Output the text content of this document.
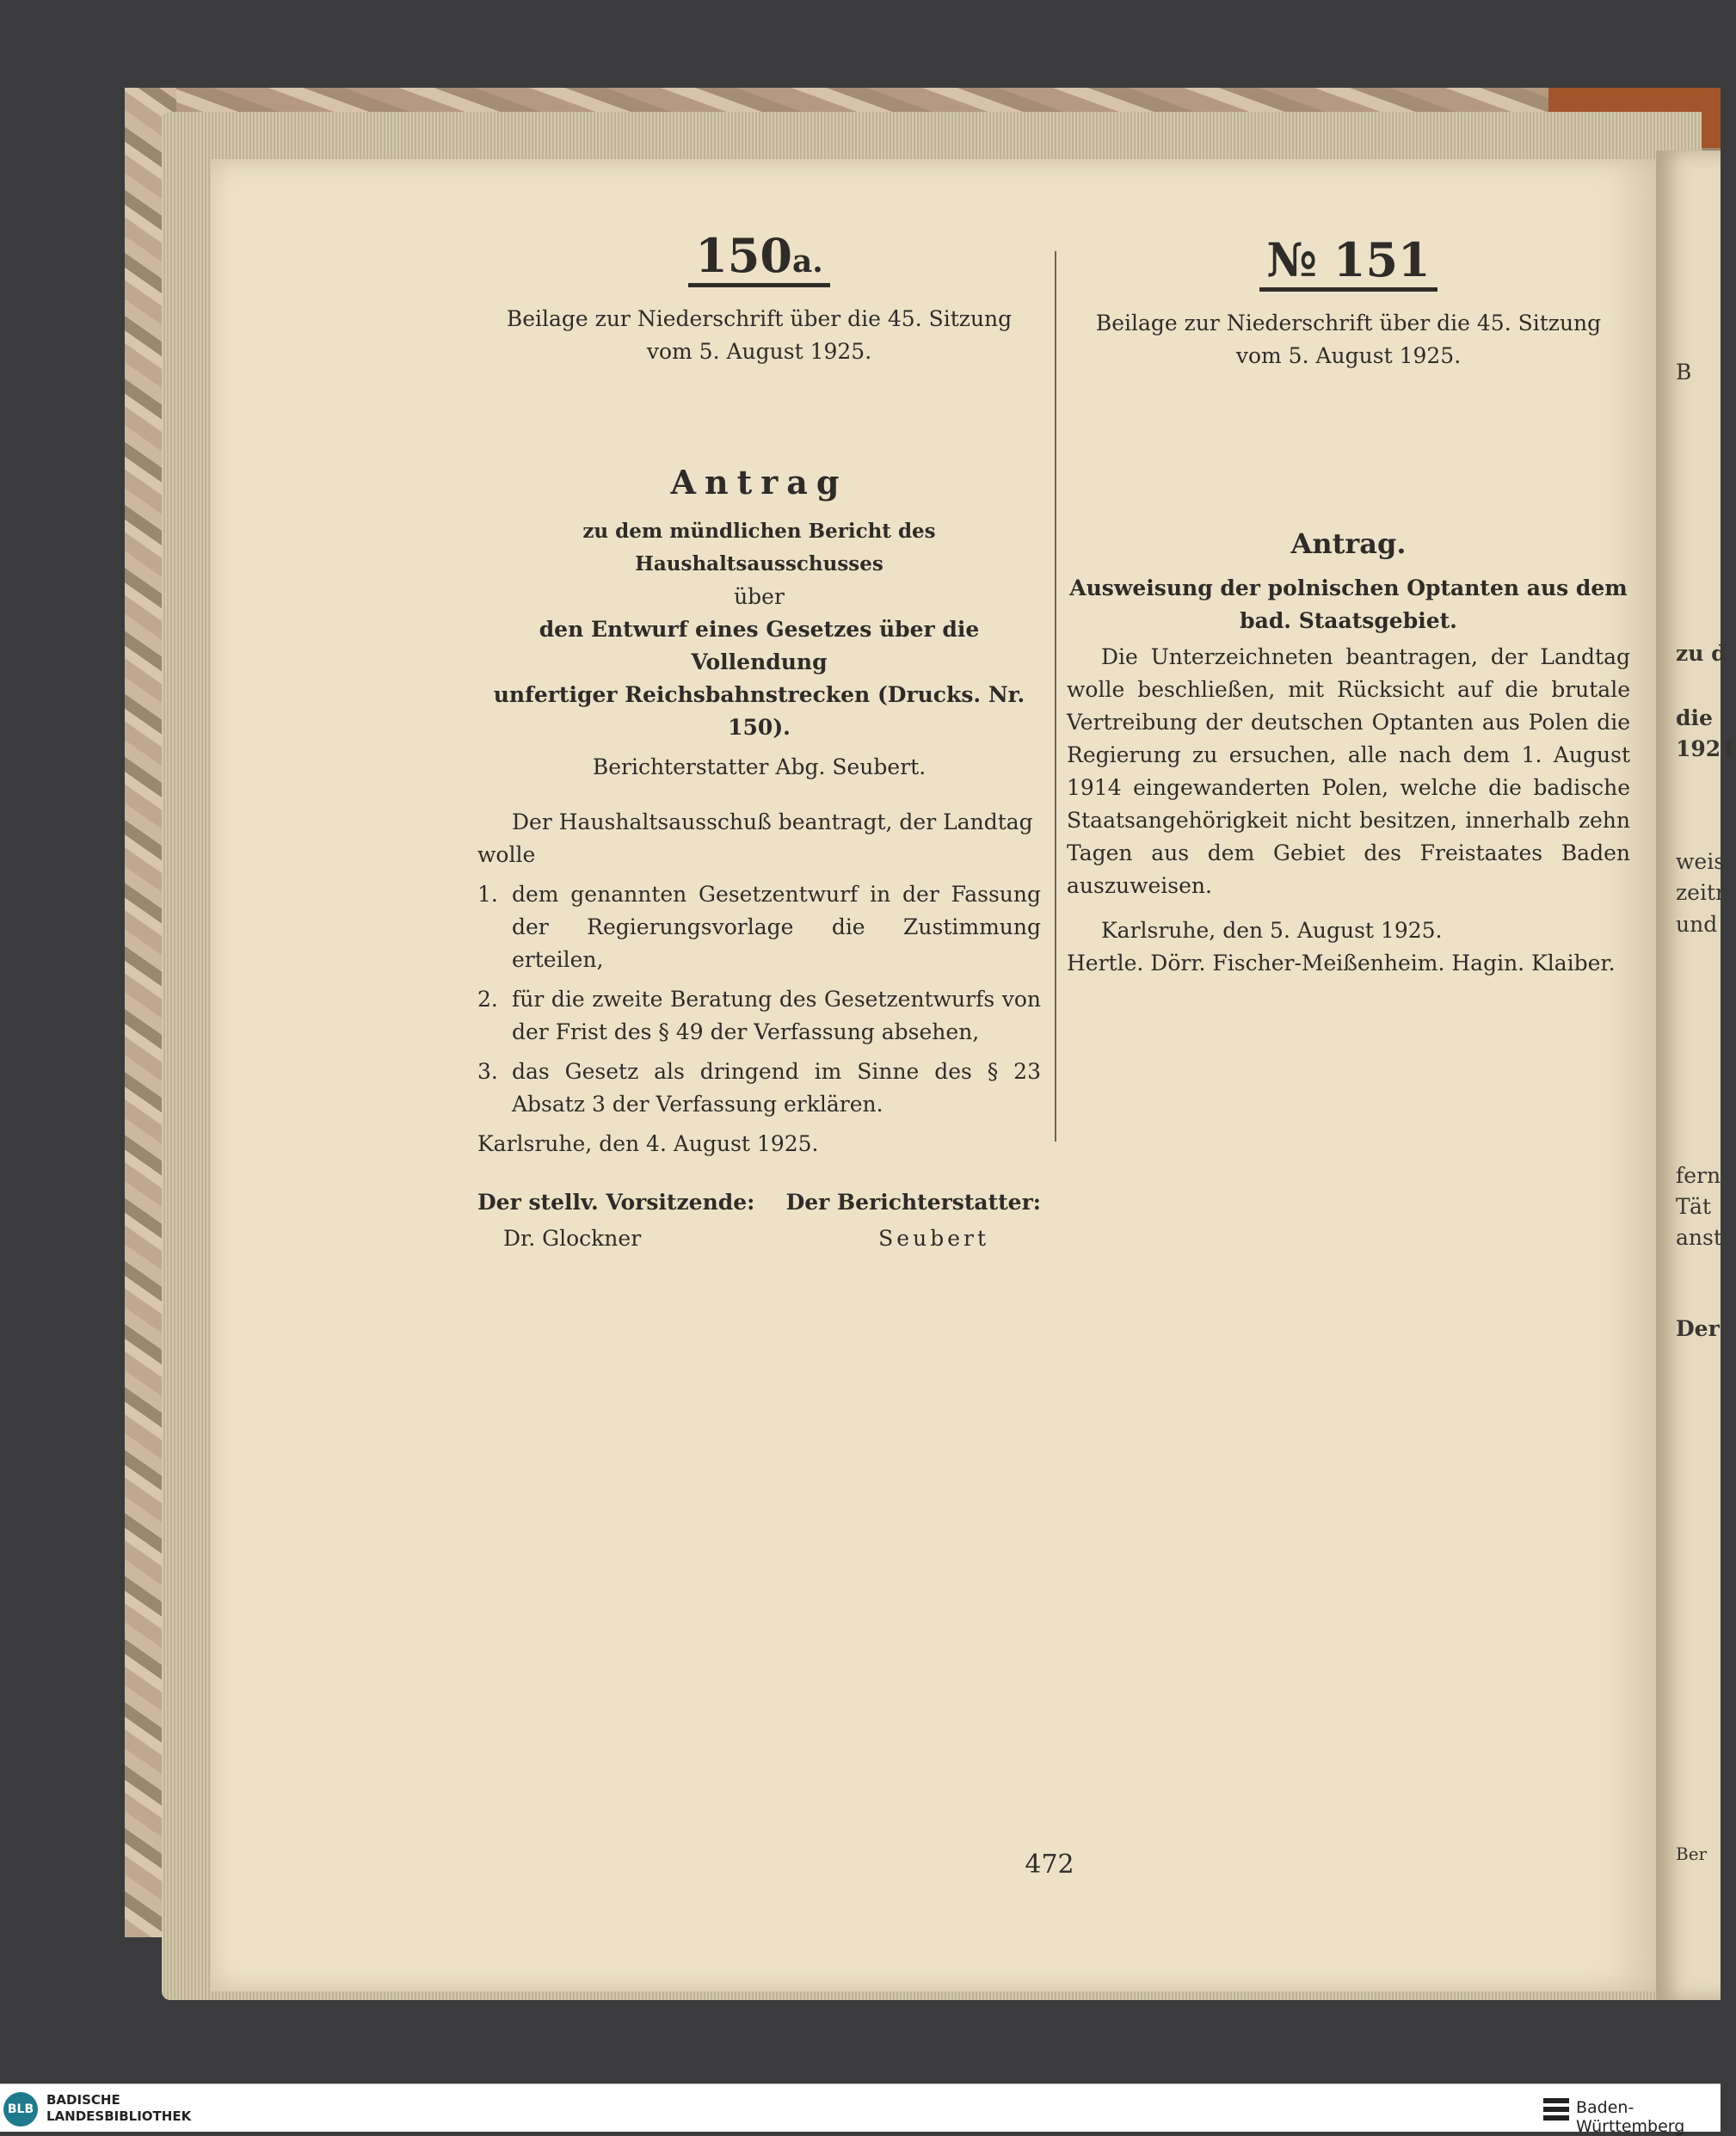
150a.

Beilage zur Niederschrift über die 45. Sitzung

vom 5. August 1925.

Antrag

zu dem mündlichen Bericht des Haushaltsausschusses

über

den Entwurf eines Gesetzes über die Vollendung

unfertiger Reichsbahnstrecken (Drucks. Nr. 150).

Berichterstatter Abg. Seubert.

Der Haushaltsausschuß beantragt, der Landtag wolle

1. dem genannten Gesetzentwurf in der Fassung der Regierungsvorlage die Zustimmung erteilen,
2. für die zweite Beratung des Gesetzentwurfs von der Frist des § 49 der Verfassung absehen,
3. das Gesetz als dringend im Sinne des § 23 Absatz 3 der Verfassung erklären.

Karlsruhe, den 4. August 1925.

Der stellv. Vorsitzende: Der Berichterstatter:
Dr. Glockner	Seubert
№ 151

Beilage zur Niederschrift über die 45. Sitzung

vom 5. August 1925.

Antrag.

Ausweisung der polnischen Optanten aus dem

bad. Staatsgebiet.

Die Unterzeichneten beantragen, der Landtag wolle beschließen, mit Rücksicht auf die brutale Vertreibung der deutschen Optanten aus Polen die Regierung zu ersuchen, alle nach dem 1. August 1914 eingewanderten Polen, welche die badische Staatsangehörigkeit nicht besitzen, innerhalb zehn Tagen aus dem Gebiet des Freistaates Baden auszuweisen.

Karlsruhe, den 5. August 1925.

Hertle. Dörr. Fischer-Meißenheim. Hagin. Klaiber.

472
B
zu d
die
1921
weis
zeitr
und
fern
Tät
anst
Der
Ber
BLB
BADISCHE
LANDESBIBLIOTHEK	Baden-Württemberg
